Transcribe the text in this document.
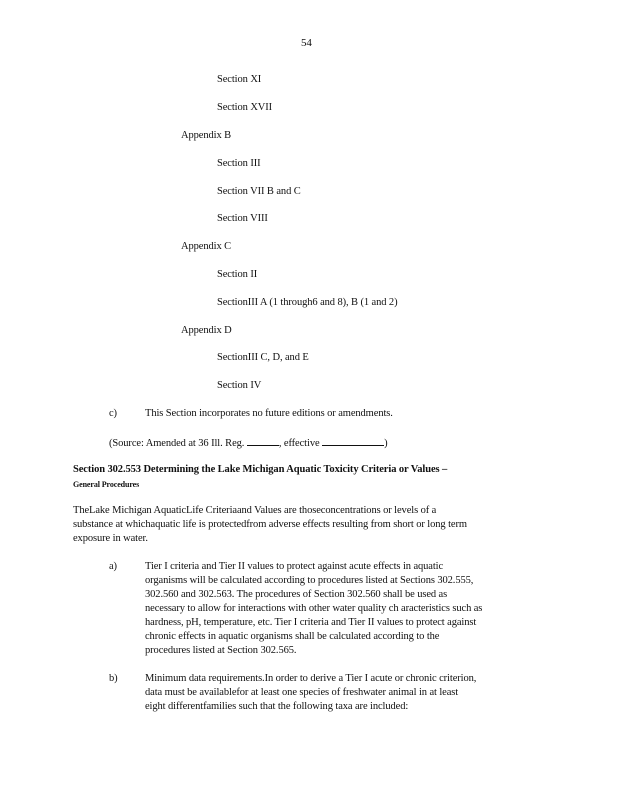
54
Section XI
Section XVII
Appendix B
Section III
Section VII B and C
Section VIII
Appendix C
Section II
SectionIII A (1 through6 and 8), B (1 and 2)
Appendix D
SectionIII C, D, and E
Section IV
c)	This Section incorporates no future editions or amendments.
(Source: Amended at 36 Ill. Reg.	, effective	)
Section 302.553 Determining the Lake Michigan Aquatic Toxicity Criteria or Values –
General Procedures
TheLake Michigan AquaticLife Criteriaand Values are thoseconcentrations or levels of a
substance at whichaquatic life is protectedfrom adverse effects resulting from short or long term
exposure in water.
a)	Tier I criteria and Tier II values to protect against acute effects in aquatic
organisms will be calculated according to procedures listed at Sections 302.555,
302.560 and 302.563. The procedures of Section 302.560 shall be used as
necessary to allow for interactions with other water quality ch aracteristics such as
hardness, pH, temperature, etc. Tier I criteria and Tier II values to protect against
chronic effects in aquatic organisms shall be calculated according to the
procedures listed at Section 302.565.
b)	Minimum data requirements.In order to derive a Tier I acute or chronic criterion,
data must be availablefor at least one species of freshwater animal in at least
eight differentfamilies such that the following taxa are included:
